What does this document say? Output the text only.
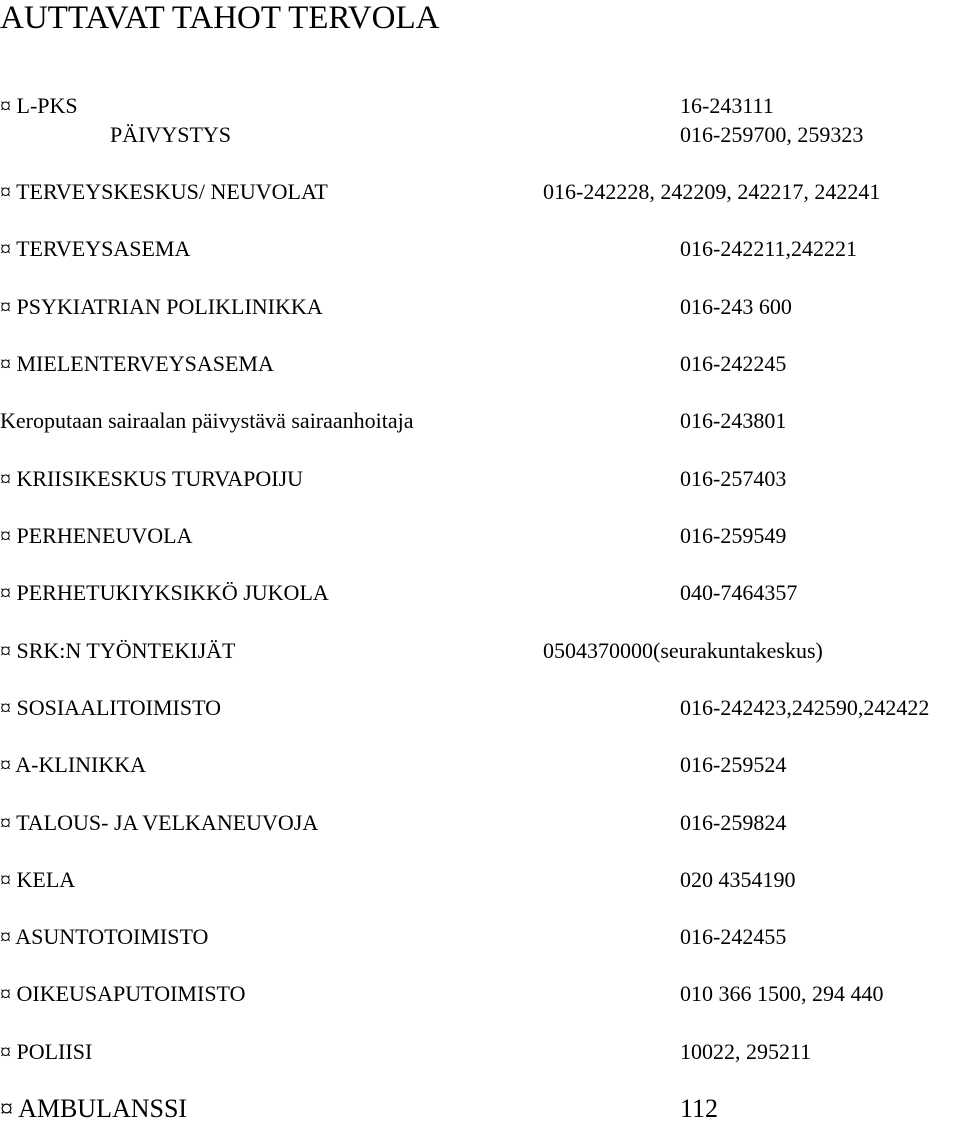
AUTTAVAT TAHOT TERVOLA
¤ L-PKS	16-243111
PÄIVYSTYS	016-259700, 259323
¤ TERVEYSKESKUS/ NEUVOLAT	016-242228, 242209, 242217, 242241
¤ TERVEYSASEMA	016-242211,242221
¤ PSYKIATRIAN POLIKLINIKKA	016-243 600
¤ MIELENTERVEYSASEMA	016-242245
Keroputaan sairaalan päivystävä sairaanhoitaja	016-243801
¤ KRIISIKESKUS TURVAPOIJU	016-257403
¤ PERHENEUVOLA	016-259549
¤ PERHETUKIYKSIKKÖ JUKOLA	040-7464357
¤ SRK:N TYÖNTEKIJÄT	0504370000(seurakuntakeskus)
¤ SOSIAALITOIMISTO	016-242423,242590,242422
¤ A-KLINIKKA	016-259524
¤ TALOUS- JA VELKANEUVOJA	016-259824
¤ KELA	020 4354190
¤ ASUNTOTOIMISTO	016-242455
¤ OIKEUSAPUTOIMISTO	010 366 1500, 294 440
¤ POLIISI	10022, 295211
¤ AMBULANSSI	112
